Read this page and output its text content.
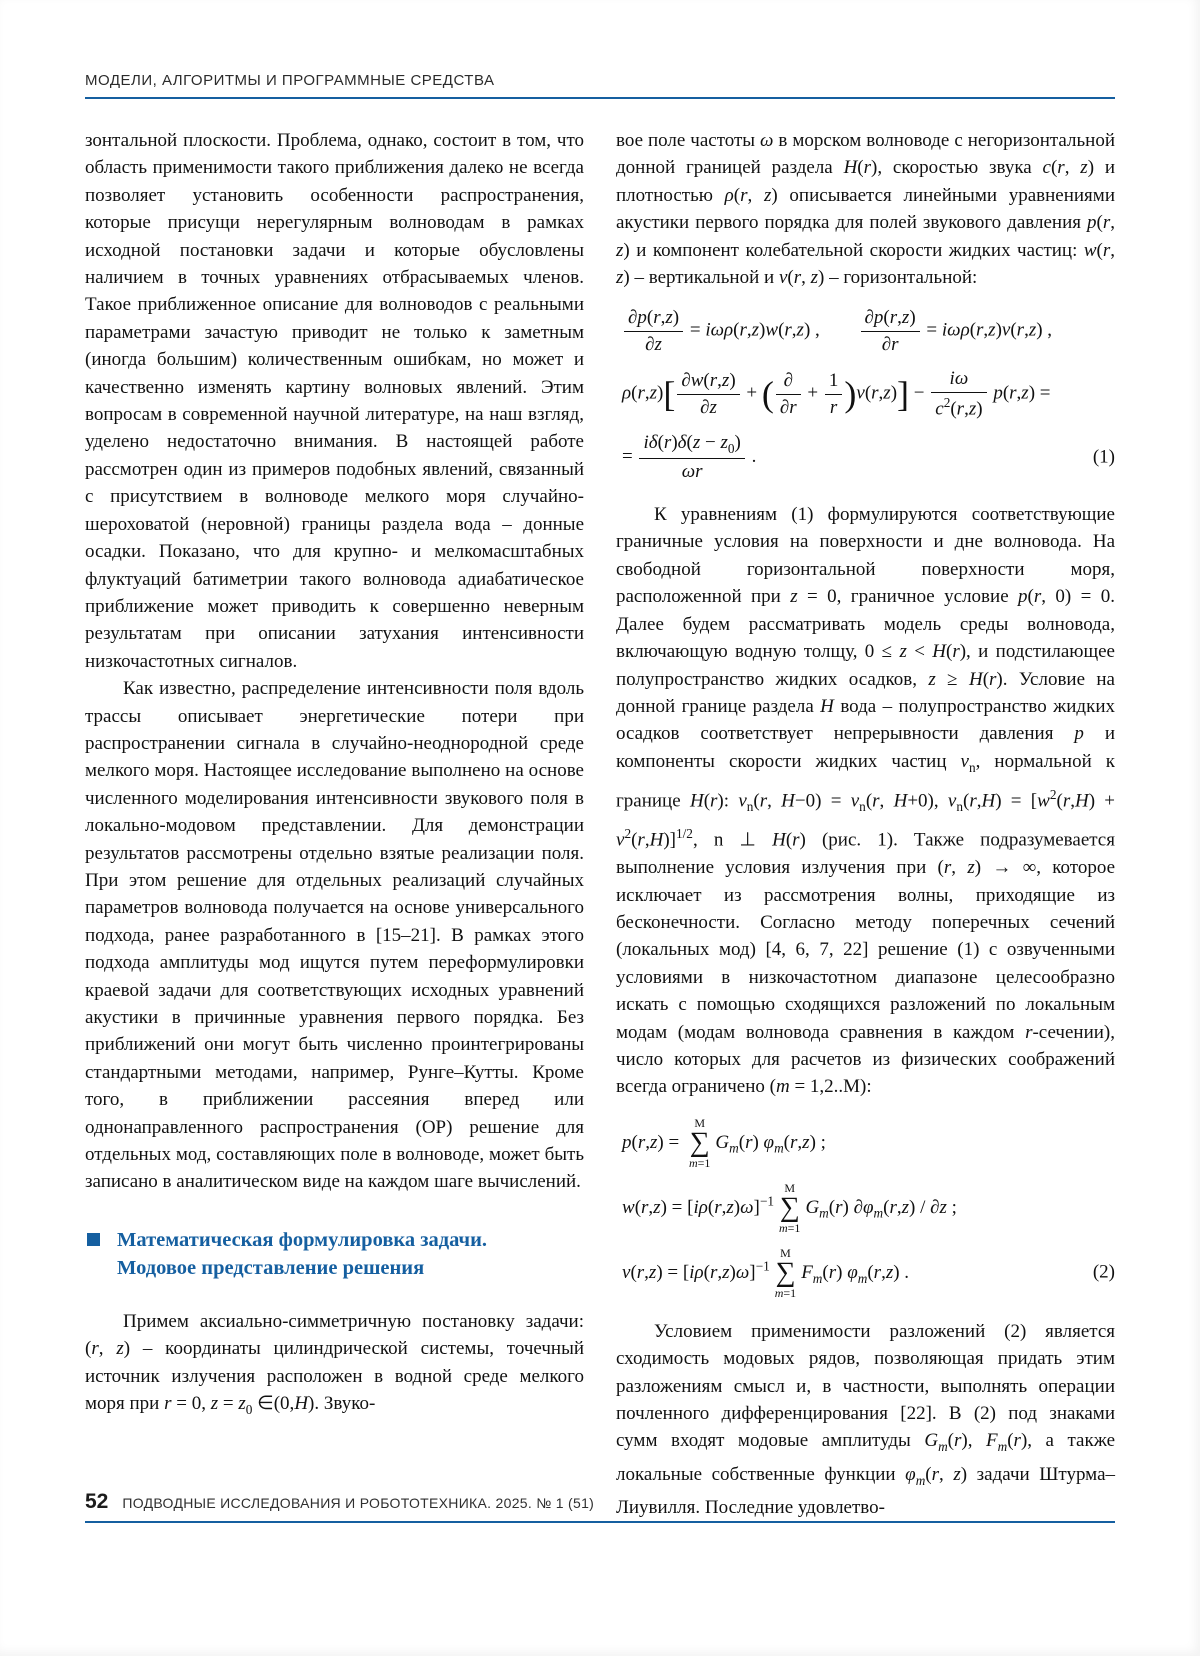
МОДЕЛИ, АЛГОРИТМЫ И ПРОГРАММНЫЕ СРЕДСТВА

зонтальной плоскости. Проблема, однако, состоит в том, что область применимости такого приближения далеко не всегда позволяет установить особенности распространения, которые присущи нерегулярным волноводам в рамках исходной постановки задачи и которые обусловлены наличием в точных уравнениях отбрасываемых членов. Такое приближенное описание для волноводов с реальными параметрами зачастую приводит не только к заметным (иногда большим) количественным ошибкам, но может и качественно изменять картину волновых явлений. Этим вопросам в современной научной литературе, на наш взгляд, уделено недостаточно внимания. В настоящей работе рассмотрен один из примеров подобных явлений, связанный с присутствием в волноводе мелкого моря случайно-шероховатой (неровной) границы раздела вода – донные осадки. Показано, что для крупно- и мелкомасштабных флуктуаций батиметрии такого волновода адиабатическое приближение может приводить к совершенно неверным результатам при описании затухания интенсивности низкочастотных сигналов.

Как известно, распределение интенсивности поля вдоль трассы описывает энергетические потери при распространении сигнала в случайно-неоднородной среде мелкого моря. Настоящее исследование выполнено на основе численного моделирования интенсивности звукового поля в локально-модовом представлении. Для демонстрации результатов рассмотрены отдельно взятые реализации поля. При этом решение для отдельных реализаций случайных параметров волновода получается на основе универсального подхода, ранее разработанного в [15–21]. В рамках этого подхода амплитуды мод ищутся путем переформулировки краевой задачи для соответствующих исходных уравнений акустики в причинные уравнения первого порядка. Без приближений они могут быть численно проинтегрированы стандартными методами, например, Рунге–Кутты. Кроме того, в приближении рассеяния вперед или однонаправленного распространения (ОР) решение для отдельных мод, составляющих поле в волноводе, может быть записано в аналитическом виде на каждом шаге вычислений.

Математическая формулировка задачи.
Модовое представление решения

Примем аксиально-симметричную постановку задачи: (r, z) – координаты цилиндрической системы, точечный источник излучения расположен в водной среде мелкого моря при r = 0, $z = z_0$ ∈(0,H). Звуко-

вое поле частоты ω в морском волноводе с негоризонтальной донной границей раздела H(r), скоростью звука c(r, z) и плотностью ρ(r, z) описывается линейными уравнениями акустики первого порядка для полей звукового давления p(r, z) и компонент колебательной скорости жидких частиц: w(r, z) – вертикальной и v(r, z) – горизонтальной:

$\frac{\partial p(r,z)}{\partial z} = i\omega\rho(r,z)w(r,z)$ , $\frac{\partial p(r,z)}{\partial r} = i\omega\rho(r,z)v(r,z)$ ,
$\rho(r,z)[ \frac{\partial w(r,z)}{\partial z}$ + ( $\frac{\partial}{\partial r} + \frac{1}{r} )v(r,z)] - \frac{i\omega}{c^2(r,z)} p(r,z)$ =
= $\frac{i\delta(r)\delta(z - z_0)}{\omega r}$ .	(1)

К уравнениям (1) формулируются соответствующие граничные условия на поверхности и дне волновода. На свободной горизонтальной поверхности моря, расположенной при z = 0, граничное условие p(r, 0) = 0. Далее будем рассматривать модель среды волновода, включающую водную толщу, 0 ≤ z < H(r), и подстилающее полупространство жидких осадков, z ≥ H(r). Условие на донной границе раздела H вода – полупространство жидких осадков соответствует непрерывности давления p и компоненты скорости жидких частиц $v_n$, нормальной к границе H(r): $v_n(r$, $H-0) = v_n(r$, H+0), $v_n(r,H) = [w^2(r,H) + v^2(r,H)]^{1/2}$, n ⊥ H(r) (рис. 1). Также подразумевается выполнение условия излучения при (r, z) → ∞, которое исключает из рассмотрения волны, приходящие из бесконечности. Согласно методу поперечных сечений (локальных мод) [4, 6, 7, 22] решение (1) с озвученными условиями в низкочастотном диапазоне целесообразно искать с помощью сходящихся разложений по локальным модам (модам волновода сравнения в каждом r-сечении), число которых для расчетов из физических соображений всегда ограничено (m = 1,2..M):

p(r,z) =
M
∑
m=1
$G_m(r)$ $\varphi_m(r,z)$ ;
$w(r,z) = [i\rho(r,z)\omega]^{-1}$
M
∑
m=1
$G_m(r)$ $\partial\varphi_m(r,z) / \partial z$ ;
$v(r,z) = [i\rho(r,z)\omega]^{-1}$
M
∑
m=1
$F_m(r)$ $\varphi_m(r,z)$ .	(2)

Условием применимости разложений (2) является сходимость модовых рядов, позволяющая придать этим разложениям смысл и, в частности, выполнять операции почленного дифференцирования [22]. В (2) под знаками сумм входят модовые амплитуды $G_m(r)$, $F_m(r)$, а также локальные собственные функции $\varphi_m(r$, z) задачи Штурма–Лиувилля. Последние удовлетво-

52 ПОДВОДНЫЕ ИССЛЕДОВАНИЯ И РОБОТОТЕХНИКА. 2025. № 1 (51)
